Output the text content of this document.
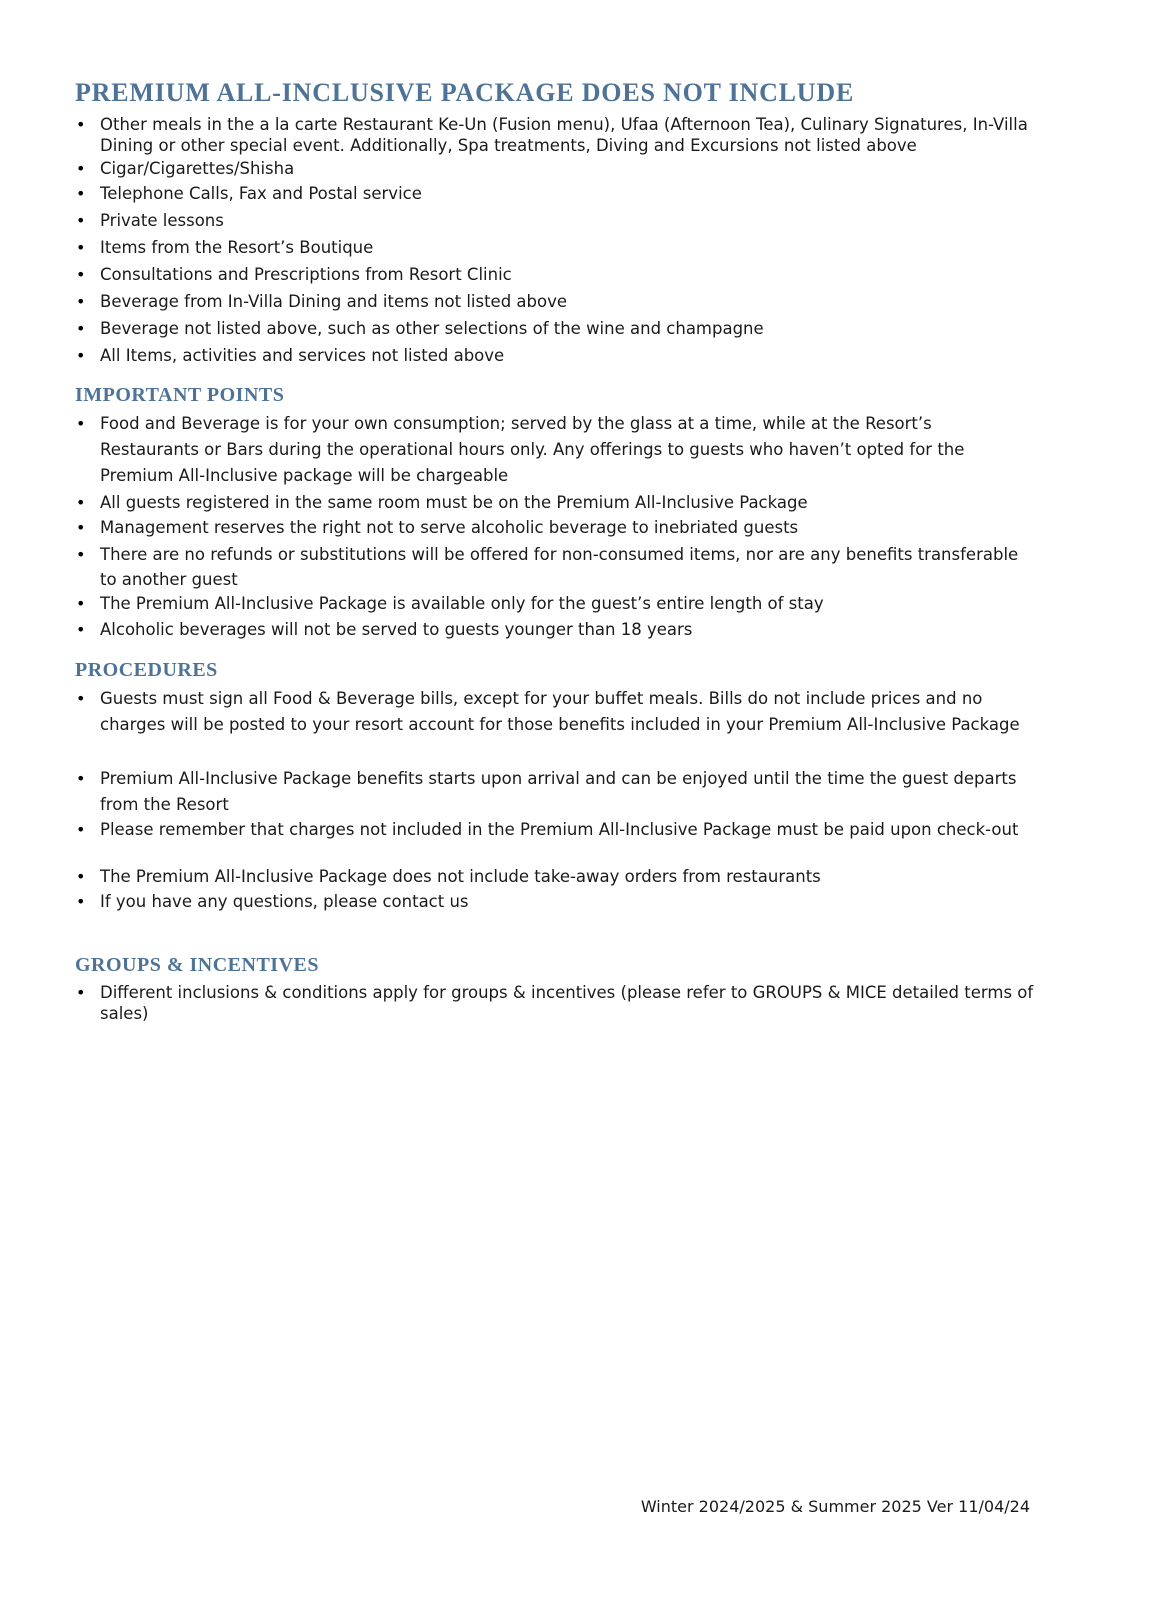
PREMIUM ALL-INCLUSIVE PACKAGE DOES NOT INCLUDE
• Other meals in the a la carte Restaurant Ke-Un (Fusion menu), Ufaa (Afternoon Tea), Culinary Signatures, In-Villa Dining or other special event. Additionally, Spa treatments, Diving and Excursions not listed above
• Cigar/Cigarettes/Shisha
• Telephone Calls, Fax and Postal service
• Private lessons
• Items from the Resort’s Boutique
• Consultations and Prescriptions from Resort Clinic
• Beverage from In-Villa Dining and items not listed above
• Beverage not listed above, such as other selections of the wine and champagne
• All Items, activities and services not listed above
IMPORTANT POINTS
• Food and Beverage is for your own consumption; served by the glass at a time, while at the Resort’s Restaurants or Bars during the operational hours only. Any offerings to guests who haven’t opted for the Premium All-Inclusive package will be chargeable
• All guests registered in the same room must be on the Premium All-Inclusive Package
• Management reserves the right not to serve alcoholic beverage to inebriated guests
• There are no refunds or substitutions will be offered for non-consumed items, nor are any benefits transferable to another guest
• The Premium All-Inclusive Package is available only for the guest’s entire length of stay
• Alcoholic beverages will not be served to guests younger than 18 years
PROCEDURES
• Guests must sign all Food & Beverage bills, except for your buffet meals. Bills do not include prices and no charges will be posted to your resort account for those benefits included in your Premium All-Inclusive Package
• Premium All-Inclusive Package benefits starts upon arrival and can be enjoyed until the time the guest departs from the Resort
• Please remember that charges not included in the Premium All-Inclusive Package must be paid upon check-out
• The Premium All-Inclusive Package does not include take-away orders from restaurants
• If you have any questions, please contact us
GROUPS & INCENTIVES
• Different inclusions & conditions apply for groups & incentives (please refer to GROUPS & MICE detailed terms of sales)
Winter 2024/2025 & Summer 2025 Ver 11/04/24
